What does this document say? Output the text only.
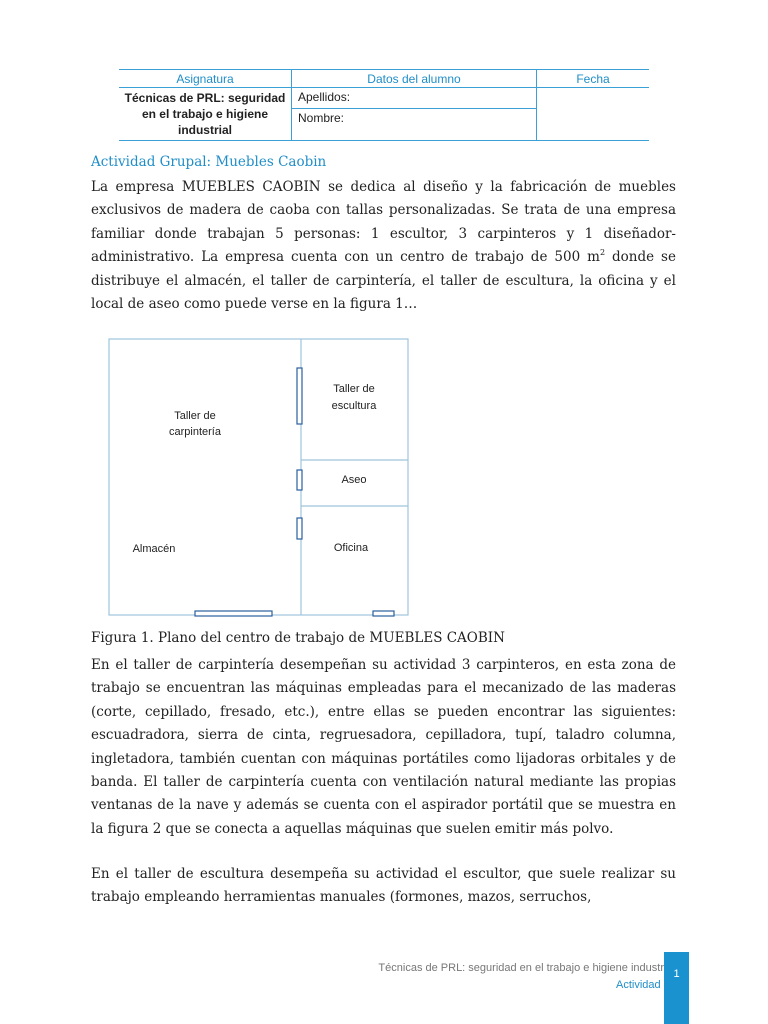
Asignatura	Datos del alumno	Fecha
Técnicas de PRL: seguridad en el trabajo e higiene industrial	Apellidos:	
	Nombre:	
Actividad Grupal: Muebles Caobin

La empresa MUEBLES CAOBIN se dedica al diseño y la fabricación de muebles exclusivos de madera de caoba con tallas personalizadas. Se trata de una empresa familiar donde trabajan 5 personas: 1 escultor, 3 carpinteros y 1 diseñador-administrativo. La empresa cuenta con un centro de trabajo de 500 $m^2$ donde se distribuye el almacén, el taller de carpintería, el taller de escultura, la oficina y el local de aseo como puede verse en la figura 1…

Taller de
carpintería
Taller de
escultura
Aseo
Almacén	Oficina
Figura 1. Plano del centro de trabajo de MUEBLES CAOBIN

En el taller de carpintería desempeñan su actividad 3 carpinteros, en esta zona de trabajo se encuentran las máquinas empleadas para el mecanizado de las maderas (corte, cepillado, fresado, etc.), entre ellas se pueden encontrar las siguientes: escuadradora, sierra de cinta, regruesadora, cepilladora, tupí, taladro columna, ingletadora, también cuentan con máquinas portátiles como lijadoras orbitales y de banda. El taller de carpintería cuenta con ventilación natural mediante las propias ventanas de la nave y además se cuenta con el aspirador portátil que se muestra en la figura 2 que se conecta a aquellas máquinas que suelen emitir más polvo.

En el taller de escultura desempeña su actividad el escultor, que suele realizar su trabajo empleando herramientas manuales (formones, mazos, serruchos,

Técnicas de PRL: seguridad en el trabajo e higiene industr
Actividad
1
